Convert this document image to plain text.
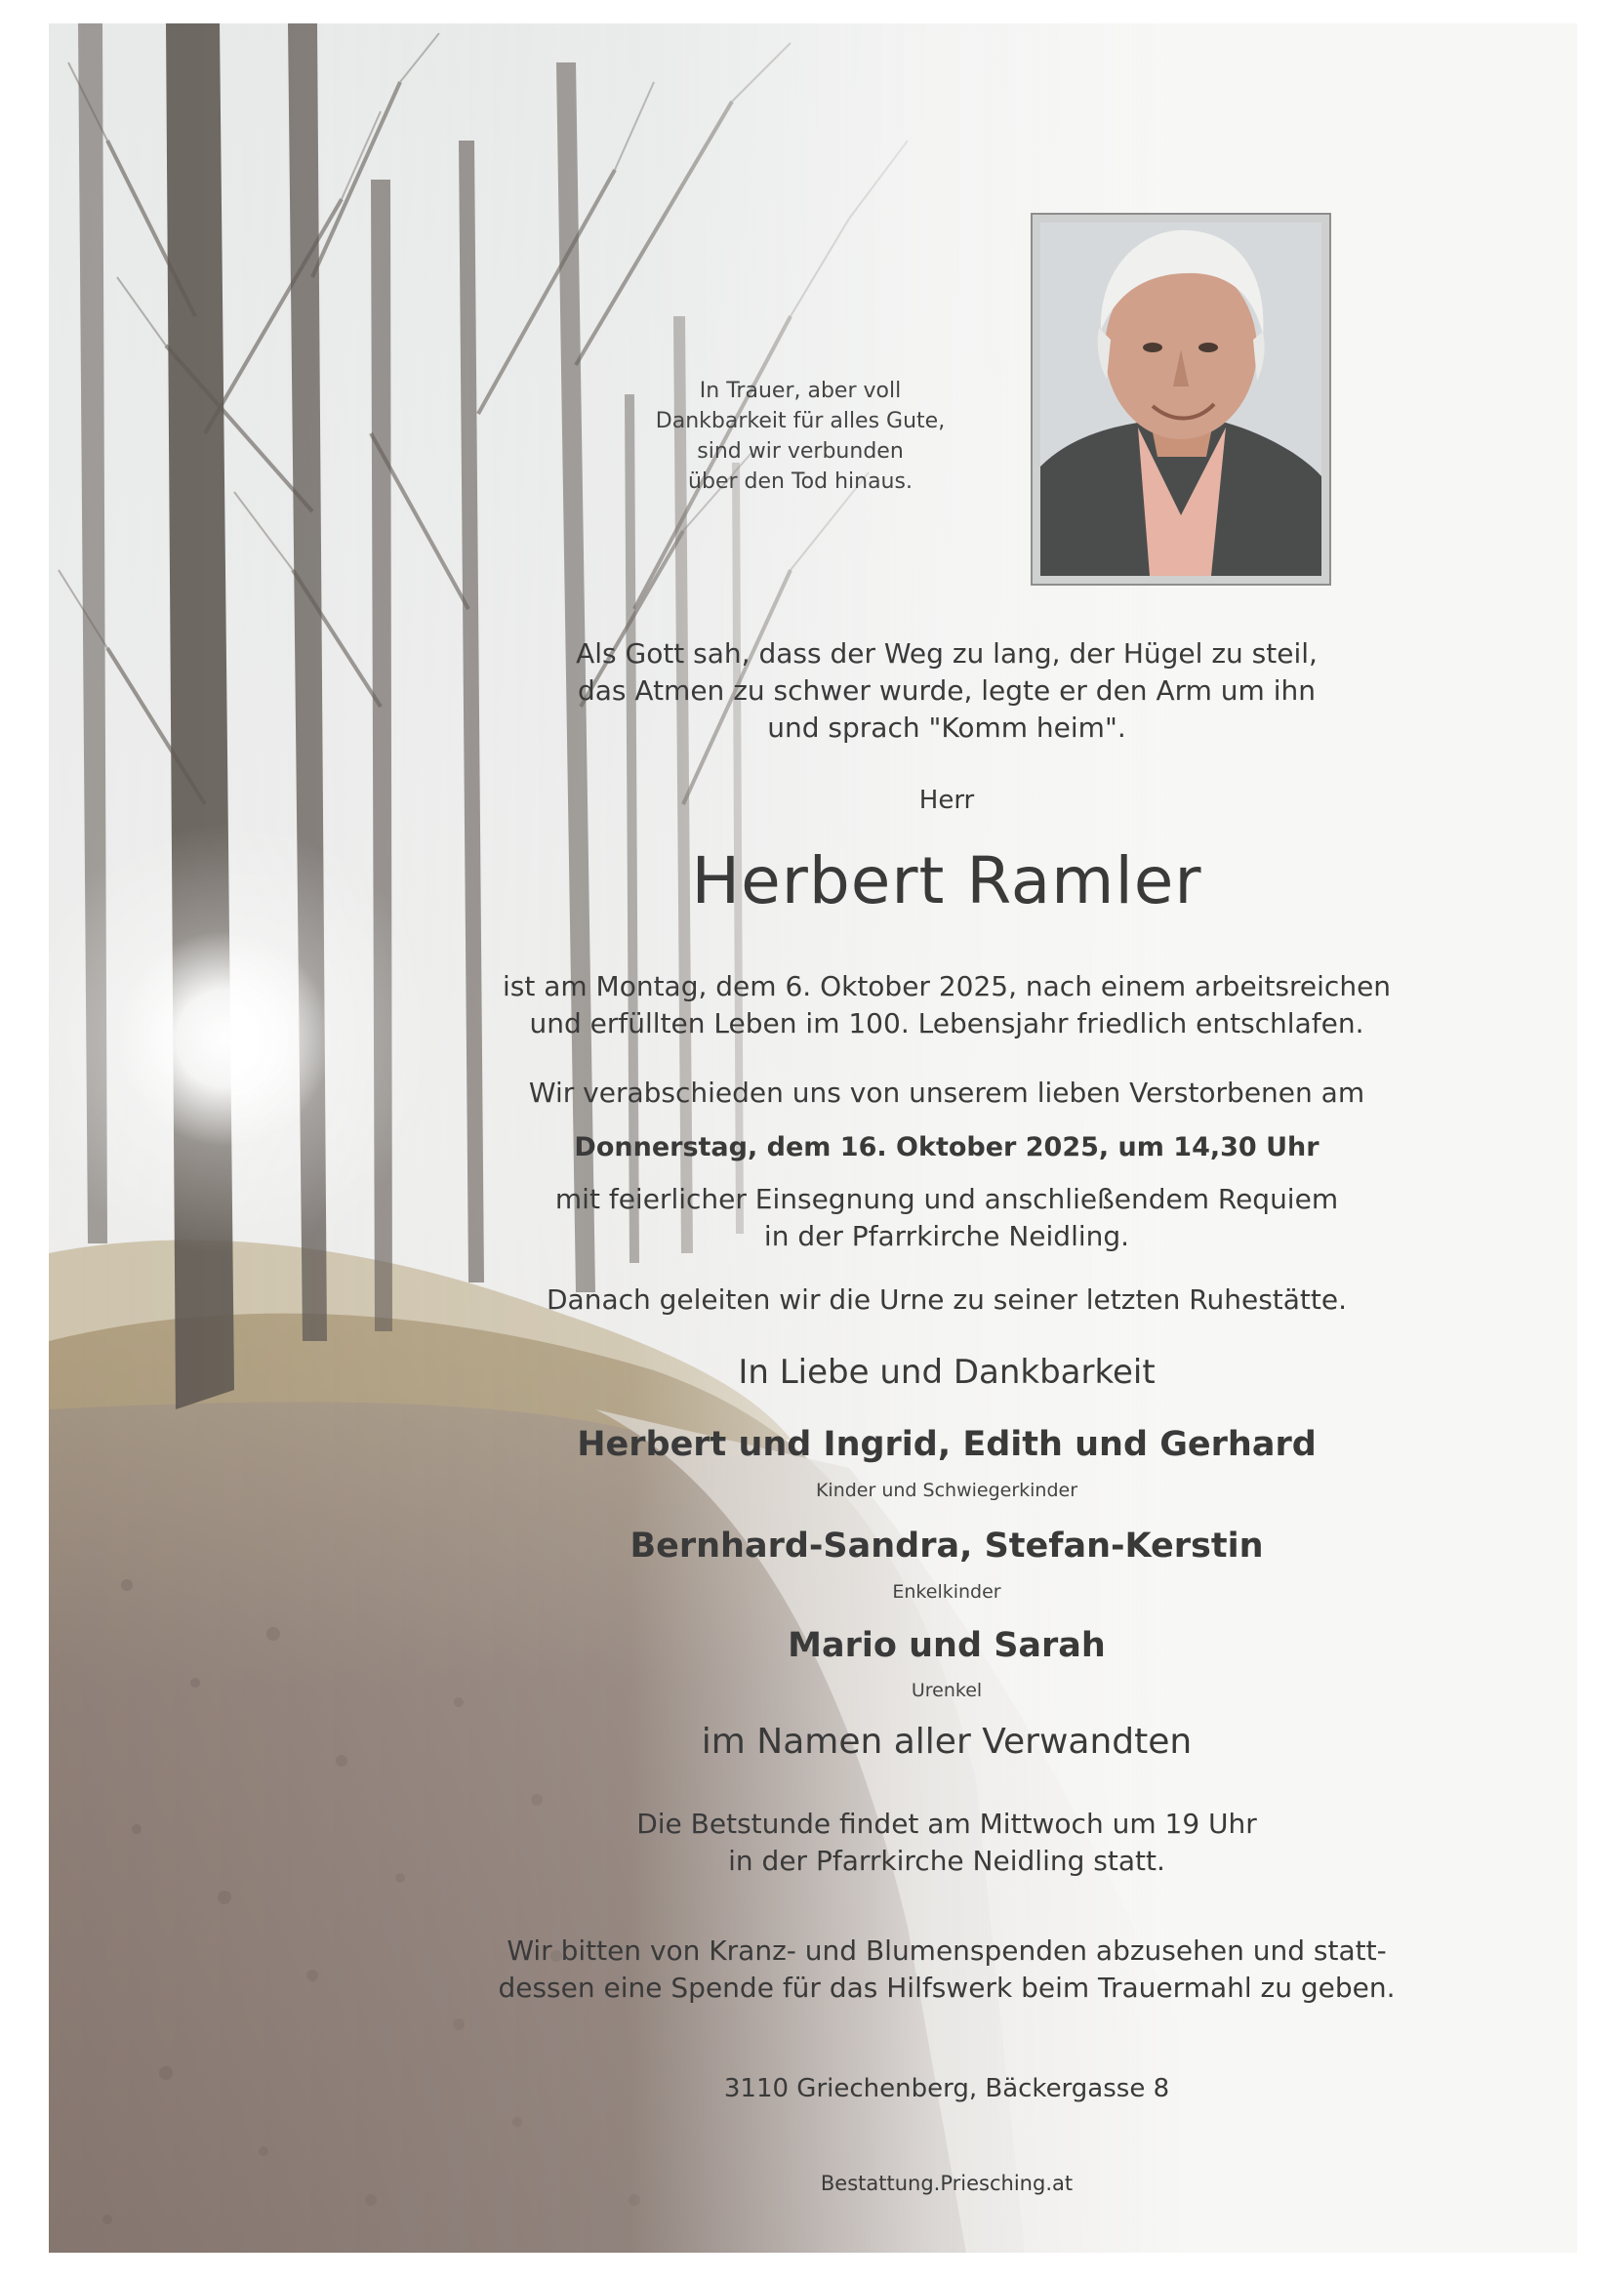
In Trauer, aber voll
Dankbarkeit für alles Gute,
sind wir verbunden
über den Tod hinaus.
Als Gott sah, dass der Weg zu lang, der Hügel zu steil,
das Atmen zu schwer wurde, legte er den Arm um ihn
und sprach "Komm heim".
Herr
Herbert Ramler
ist am Montag, dem 6. Oktober 2025, nach einem arbeitsreichen
und erfüllten Leben im 100. Lebensjahr friedlich entschlafen.
Wir verabschieden uns von unserem lieben Verstorbenen am
Donnerstag, dem 16. Oktober 2025, um 14,30 Uhr
mit feierlicher Einsegnung und anschließendem Requiem
in der Pfarrkirche Neidling.
Danach geleiten wir die Urne zu seiner letzten Ruhestätte.
In Liebe und Dankbarkeit
Herbert und Ingrid, Edith und Gerhard
Kinder und Schwiegerkinder
Bernhard-Sandra, Stefan-Kerstin
Enkelkinder
Mario und Sarah
Urenkel
im Namen aller Verwandten
Die Betstunde findet am Mittwoch um 19 Uhr
in der Pfarrkirche Neidling statt.
Wir bitten von Kranz- und Blumenspenden abzusehen und statt-
dessen eine Spende für das Hilfswerk beim Trauermahl zu geben.
3110 Griechenberg, Bäckergasse 8
Bestattung.Priesching.at
